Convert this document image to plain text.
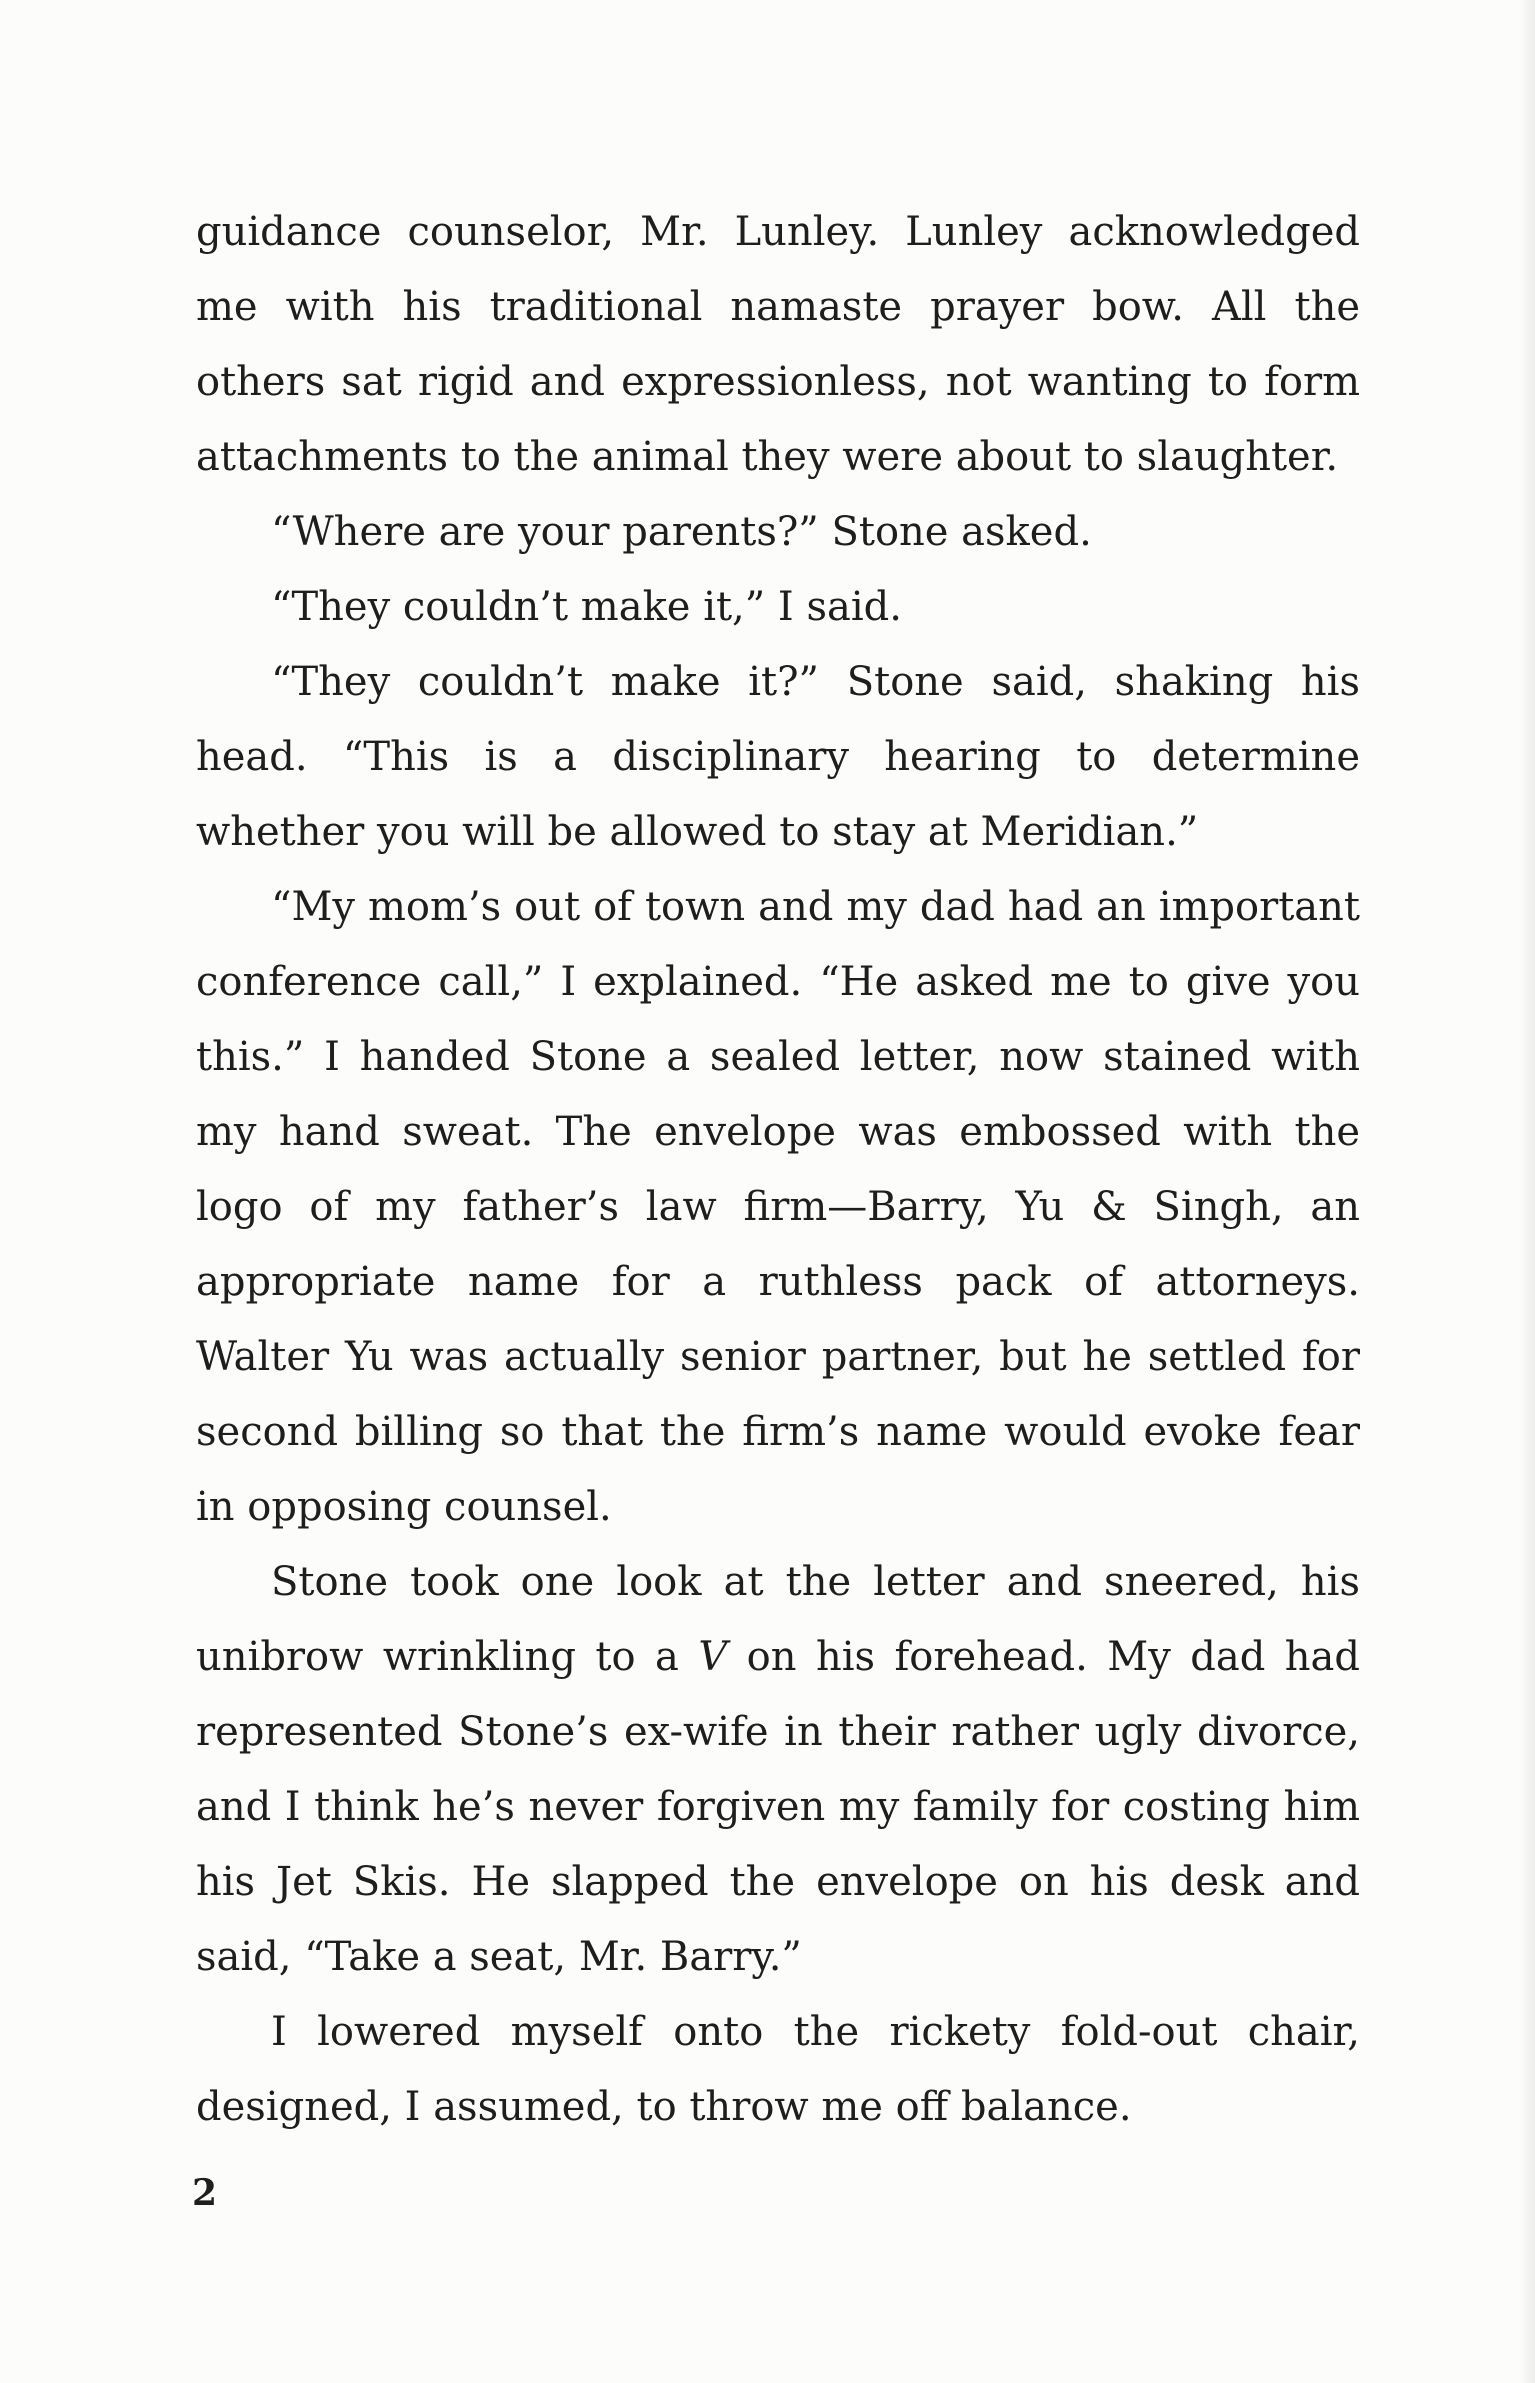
guidance counselor, Mr. Lunley. Lunley acknowledged me with his traditional namaste prayer bow. All the others sat rigid and expressionless, not wanting to form attachments to the animal they were about to slaughter.

“Where are your parents?” Stone asked.

“They couldn’t make it,” I said.

“They couldn’t make it?” Stone said, shaking his head. “This is a disciplinary hearing to determine whether you will be allowed to stay at Meridian.”

“My mom’s out of town and my dad had an important conference call,” I explained. “He asked me to give you this.” I handed Stone a sealed letter, now stained with my hand sweat. The envelope was embossed with the logo of my father’s law firm—Barry, Yu & Singh, an appropriate name for a ruthless pack of attorneys. Walter Yu was actually senior partner, but he settled for second billing so that the firm’s name would evoke fear in opposing counsel.

Stone took one look at the letter and sneered, his unibrow wrinkling to a V on his forehead. My dad had represented Stone’s ex-wife in their rather ugly divorce, and I think he’s never forgiven my family for costing him his Jet Skis. He slapped the envelope on his desk and said, “Take a seat, Mr. Barry.”

I lowered myself onto the rickety fold-out chair, designed, I assumed, to throw me off balance.

2
